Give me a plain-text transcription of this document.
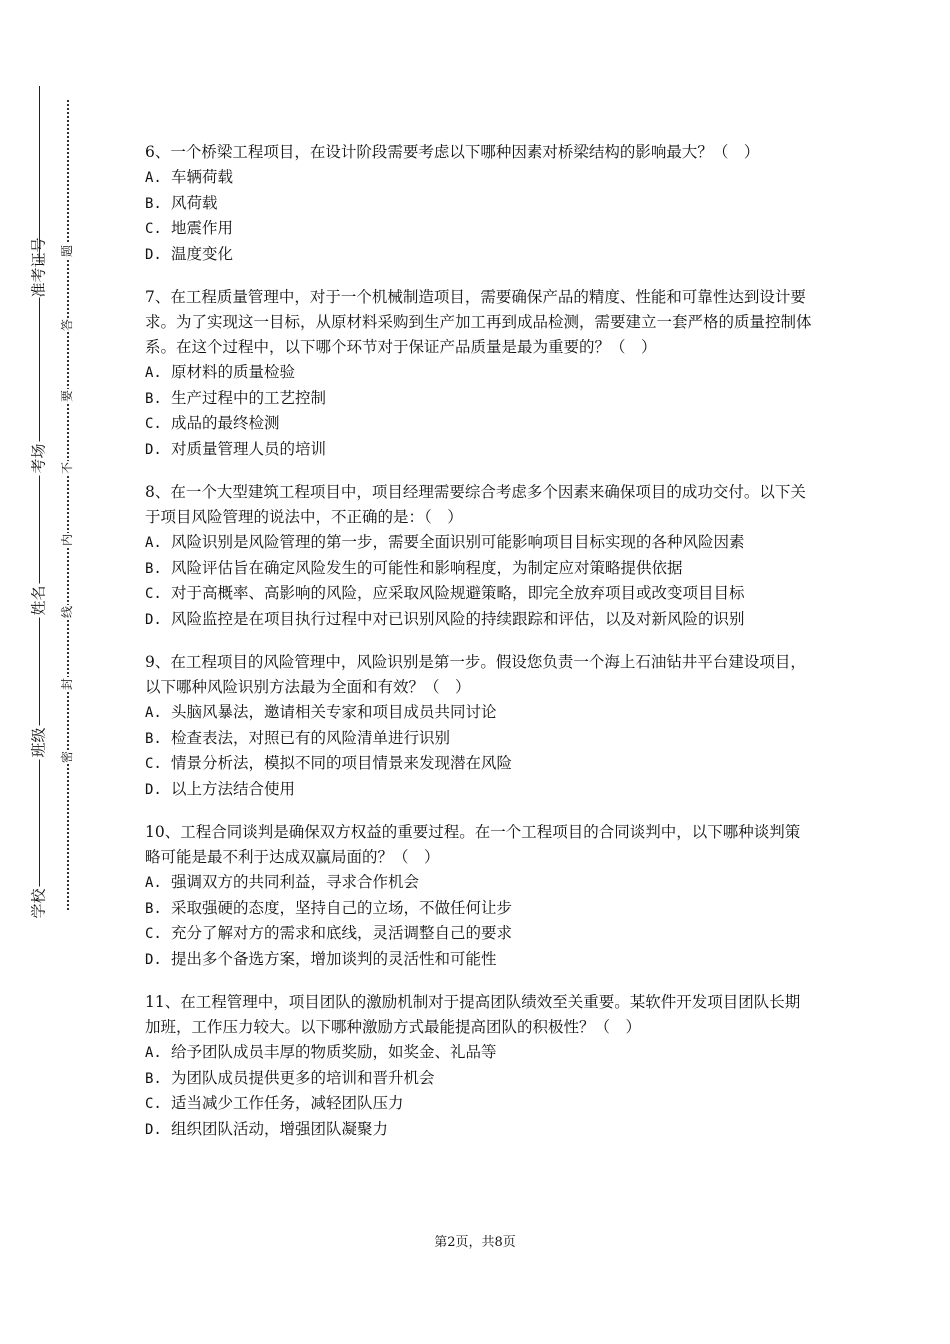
准考证号
考场
姓名
班级
学校
题
答
要
不
内
线
封
密

6、一个桥梁工程项目，在设计阶段需要考虑以下哪种因素对桥梁结构的影响最大？（　）

A. 车辆荷载

B. 风荷载

C. 地震作用

D. 温度变化

7、在工程质量管理中，对于一个机械制造项目，需要确保产品的精度、性能和可靠性达到设计要求。为了实现这一目标，从原材料采购到生产加工再到成品检测，需要建立一套严格的质量控制体系。在这个过程中，以下哪个环节对于保证产品质量是最为重要的？（　）

A. 原材料的质量检验

B. 生产过程中的工艺控制

C. 成品的最终检测

D. 对质量管理人员的培训

8、在一个大型建筑工程项目中，项目经理需要综合考虑多个因素来确保项目的成功交付。以下关于项目风险管理的说法中，不正确的是：（　）

A. 风险识别是风险管理的第一步，需要全面识别可能影响项目目标实现的各种风险因素

B. 风险评估旨在确定风险发生的可能性和影响程度，为制定应对策略提供依据

C. 对于高概率、高影响的风险，应采取风险规避策略，即完全放弃项目或改变项目目标

D. 风险监控是在项目执行过程中对已识别风险的持续跟踪和评估，以及对新风险的识别

9、在工程项目的风险管理中，风险识别是第一步。假设您负责一个海上石油钻井平台建设项目，以下哪种风险识别方法最为全面和有效？（　）

A. 头脑风暴法，邀请相关专家和项目成员共同讨论

B. 检查表法，对照已有的风险清单进行识别

C. 情景分析法，模拟不同的项目情景来发现潜在风险

D. 以上方法结合使用

10、工程合同谈判是确保双方权益的重要过程。在一个工程项目的合同谈判中，以下哪种谈判策略可能是最不利于达成双赢局面的？（　）

A. 强调双方的共同利益，寻求合作机会

B. 采取强硬的态度，坚持自己的立场，不做任何让步

C. 充分了解对方的需求和底线，灵活调整自己的要求

D. 提出多个备选方案，增加谈判的灵活性和可能性

11、在工程管理中，项目团队的激励机制对于提高团队绩效至关重要。某软件开发项目团队长期加班，工作压力较大。以下哪种激励方式最能提高团队的积极性？（　）

A. 给予团队成员丰厚的物质奖励，如奖金、礼品等

B. 为团队成员提供更多的培训和晋升机会

C. 适当减少工作任务，减轻团队压力

D. 组织团队活动，增强团队凝聚力

第2页，共8页
